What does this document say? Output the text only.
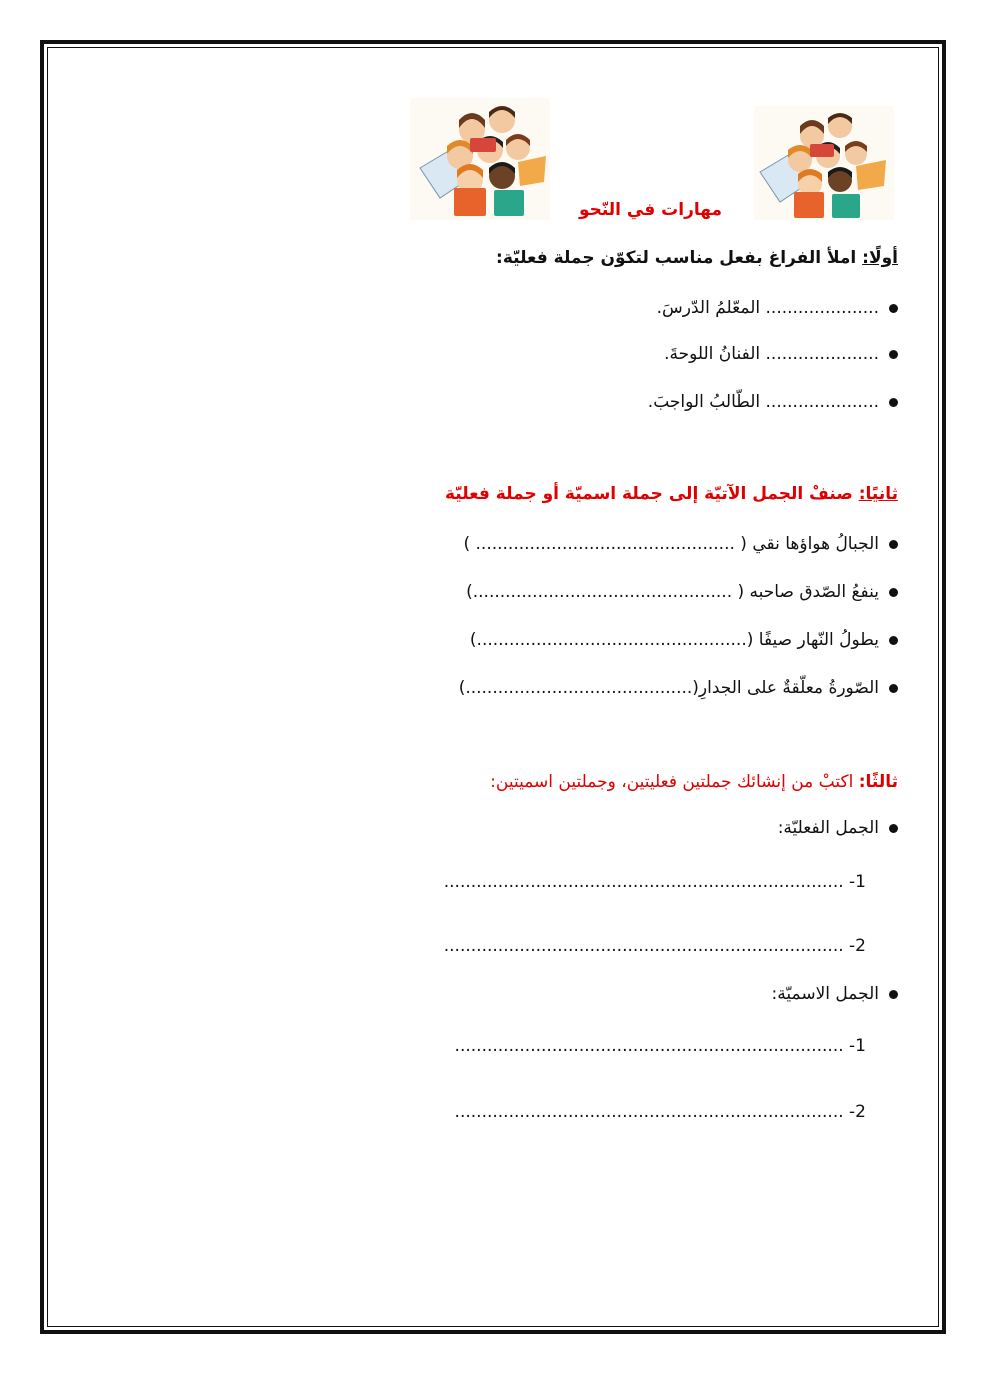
مهارات في النّحو
أولًا: املأ الفراغ بفعل مناسب لتكوّن جملة فعليّة:
..................... المعّلمُ الدّرسَ.
..................... الفنانُ اللوحةَ.
..................... الطّالبُ الواجبَ.
ثانيًا: صنفْ الجمل الآتيّة إلى جملة اسميّة أو جملة فعليّة
الجبالُ هواؤها نقي ( ................................................ )
ينفعُ الصّدق صاحبه ( ................................................)
يطولُ النّهار صيفًا (..................................................)
الصّورةُ معلّقةٌ على الجدارِ(..........................................)
ثالثًا: اكتبْ من إنشائك جملتين فعليتين، وجملتين اسميتين:
الجمل الفعليّة:
1- ..........................................................................
2- ..........................................................................
الجمل الاسميّة:
1- ........................................................................
2- ........................................................................
